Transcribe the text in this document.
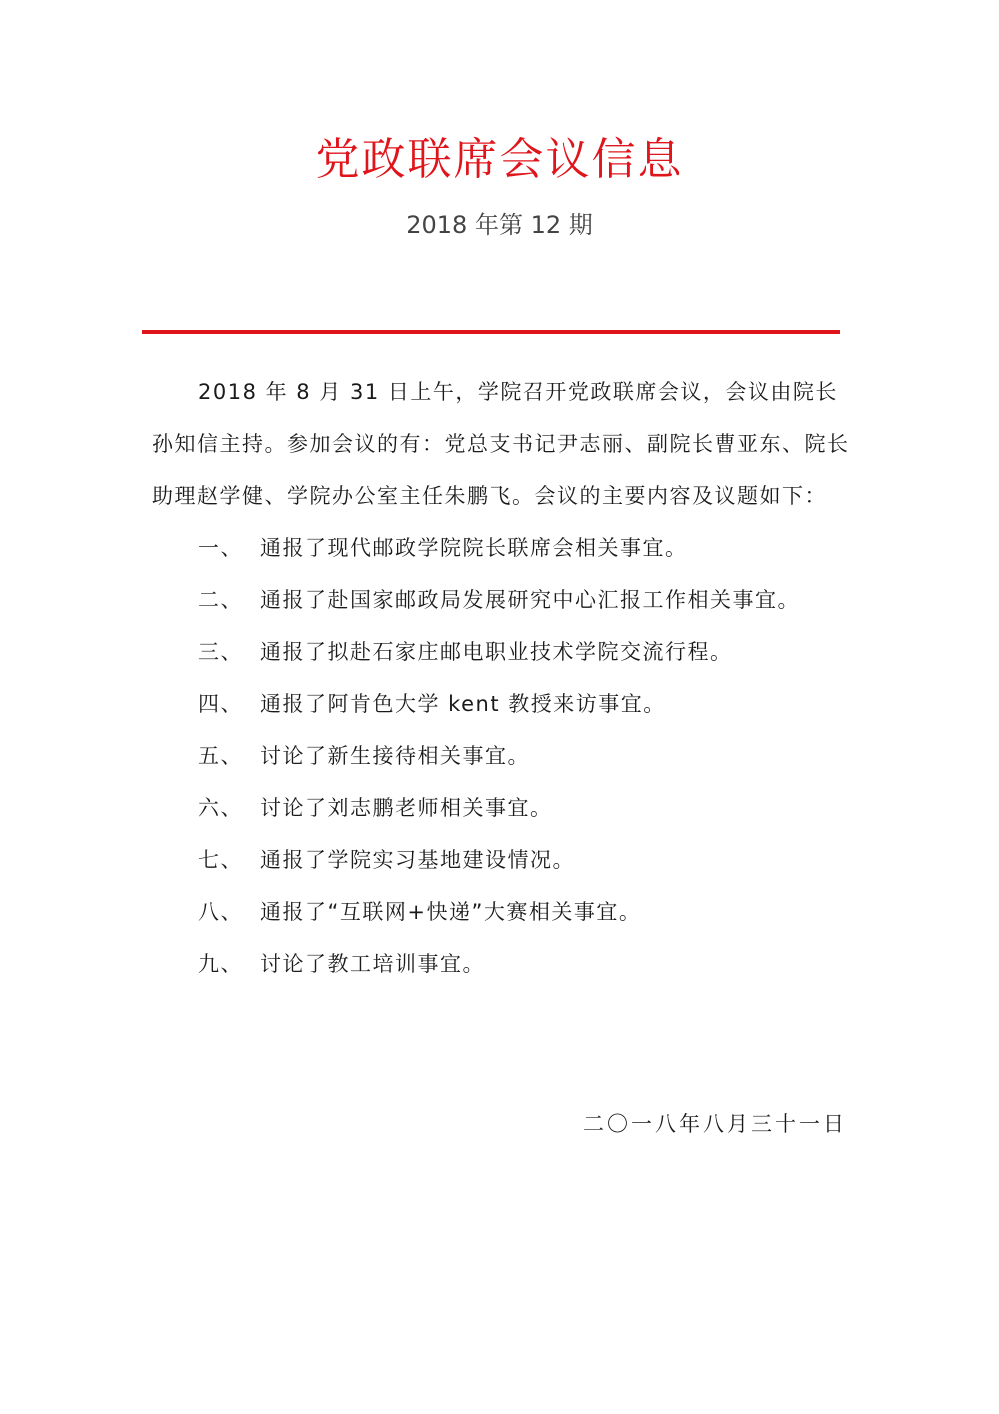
党政联席会议信息
2018 年第 12 期

2018 年 8 月 31 日上午，学院召开党政联席会议，会议由院长孙知信主持。参加会议的有：党总支书记尹志丽、副院长曹亚东、院长助理赵学健、学院办公室主任朱鹏飞。会议的主要内容及议题如下：

一、 通报了现代邮政学院院长联席会相关事宜。
二、 通报了赴国家邮政局发展研究中心汇报工作相关事宜。
三、 通报了拟赴石家庄邮电职业技术学院交流行程。
四、 通报了阿肯色大学 kent 教授来访事宜。
五、 讨论了新生接待相关事宜。
六、 讨论了刘志鹏老师相关事宜。
七、 通报了学院实习基地建设情况。
八、 通报了“互联网+快递”大赛相关事宜。
九、 讨论了教工培训事宜。
二〇一八年八月三十一日
